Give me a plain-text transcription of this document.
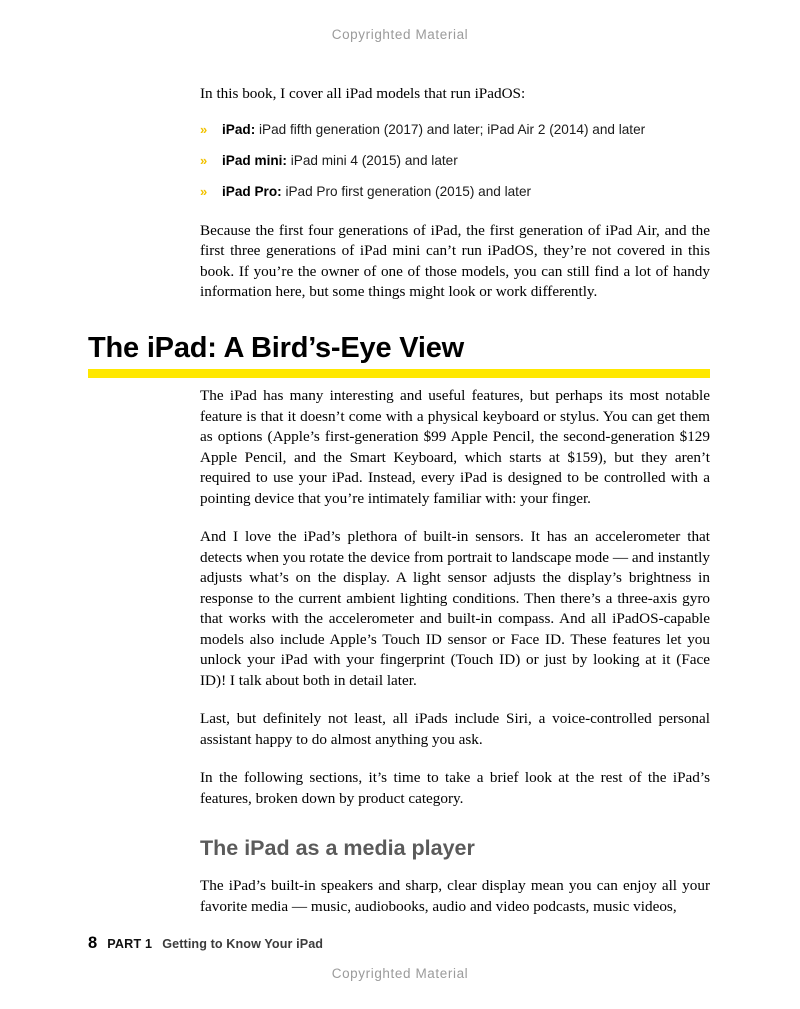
Copyrighted Material

In this book, I cover all iPad models that run iPadOS:

»	iPad: iPad fifth generation (2017) and later; iPad Air 2 (2014) and later
»	iPad mini: iPad mini 4 (2015) and later
»	iPad Pro: iPad Pro first generation (2015) and later

Because the first four generations of iPad, the first generation of iPad Air, and the first three generations of iPad mini can’t run iPadOS, they’re not covered in this book. If you’re the owner of one of those models, you can still find a lot of handy information here, but some things might look or work differently.

The iPad: A Bird’s-Eye View

The iPad has many interesting and useful features, but perhaps its most notable feature is that it doesn’t come with a physical keyboard or stylus. You can get them as options (Apple’s first-generation $99 Apple Pencil, the second-generation $129 Apple Pencil, and the Smart Keyboard, which starts at $159), but they aren’t required to use your iPad. Instead, every iPad is designed to be controlled with a pointing device that you’re intimately familiar with: your finger.

And I love the iPad’s plethora of built-in sensors. It has an accelerometer that detects when you rotate the device from portrait to landscape mode — and instantly adjusts what’s on the display. A light sensor adjusts the display’s brightness in response to the current ambient lighting conditions. Then there’s a three-axis gyro that works with the accelerometer and built-in compass. And all iPadOS-capable models also include Apple’s Touch ID sensor or Face ID. These features let you unlock your iPad with your fingerprint (Touch ID) or just by looking at it (Face ID)! I talk about both in detail later.

Last, but definitely not least, all iPads include Siri, a voice-controlled personal assistant happy to do almost anything you ask.

In the following sections, it’s time to take a brief look at the rest of the iPad’s features, broken down by product category.

The iPad as a media player

The iPad’s built-in speakers and sharp, clear display mean you can enjoy all your favorite media — music, audiobooks, audio and video podcasts, music videos,

8 PART 1 Getting to Know Your iPad
Copyrighted Material
